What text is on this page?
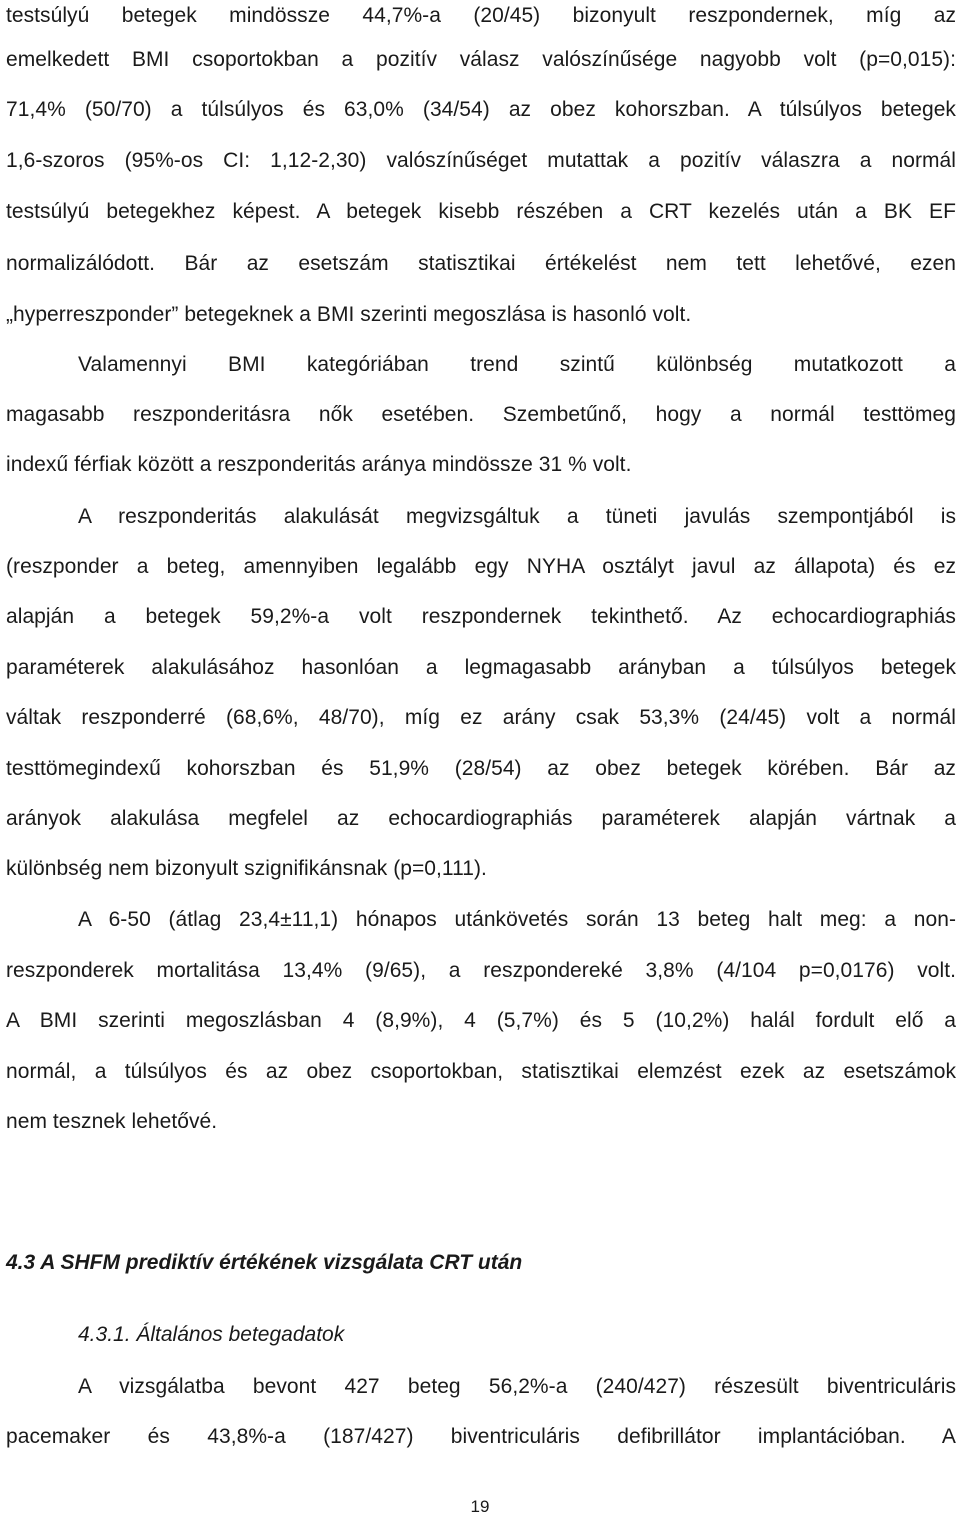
testsúlyú betegek mindössze 44,7%-a (20/45) bizonyult reszpondernek, míg az
emelkedett BMI csoportokban a pozitív válasz valószínűsége nagyobb volt (p=0,015):
71,4% (50/70) a túlsúlyos és 63,0% (34/54) az obez kohorszban. A túlsúlyos betegek
1,6-szoros (95%-os CI: 1,12-2,30) valószínűséget mutattak a pozitív válaszra a normál
testsúlyú betegekhez képest. A betegek kisebb részében a CRT kezelés után a BK EF
normalizálódott. Bár az esetszám statisztikai értékelést nem tett lehetővé, ezen
„hyperreszponder” betegeknek a BMI szerinti megoszlása is hasonló volt.
Valamennyi BMI kategóriában trend szintű különbség mutatkozott a
magasabb reszponderitásra nők esetében. Szembetűnő, hogy a normál testtömeg
indexű férfiak között a reszponderitás aránya mindössze 31 % volt.
A reszponderitás alakulását megvizsgáltuk a tüneti javulás szempontjából is
(reszponder a beteg, amennyiben legalább egy NYHA osztályt javul az állapota) és ez
alapján a betegek 59,2%-a volt reszpondernek tekinthető. Az echocardiographiás
paraméterek alakulásához hasonlóan a legmagasabb arányban a túlsúlyos betegek
váltak reszponderré (68,6%, 48/70), míg ez arány csak 53,3% (24/45) volt a normál
testtömegindexű kohorszban és 51,9% (28/54) az obez betegek körében. Bár az
arányok alakulása megfelel az echocardiographiás paraméterek alapján vártnak a
különbség nem bizonyult szignifikánsnak (p=0,111).
A 6-50 (átlag 23,4±11,1) hónapos utánkövetés során 13 beteg halt meg: a non-
reszponderek mortalitása 13,4% (9/65), a reszpondereké 3,8% (4/104 p=0,0176) volt.
A BMI szerinti megoszlásban 4 (8,9%), 4 (5,7%) és 5 (10,2%) halál fordult elő a
normál, a túlsúlyos és az obez csoportokban, statisztikai elemzést ezek az esetszámok
nem tesznek lehetővé.
4.3 A SHFM prediktív értékének vizsgálata CRT után
4.3.1. Általános betegadatok
A vizsgálatba bevont 427 beteg 56,2%-a (240/427) részesült biventriculáris
pacemaker és 43,8%-a (187/427) biventriculáris defibrillátor implantációban. A
19
